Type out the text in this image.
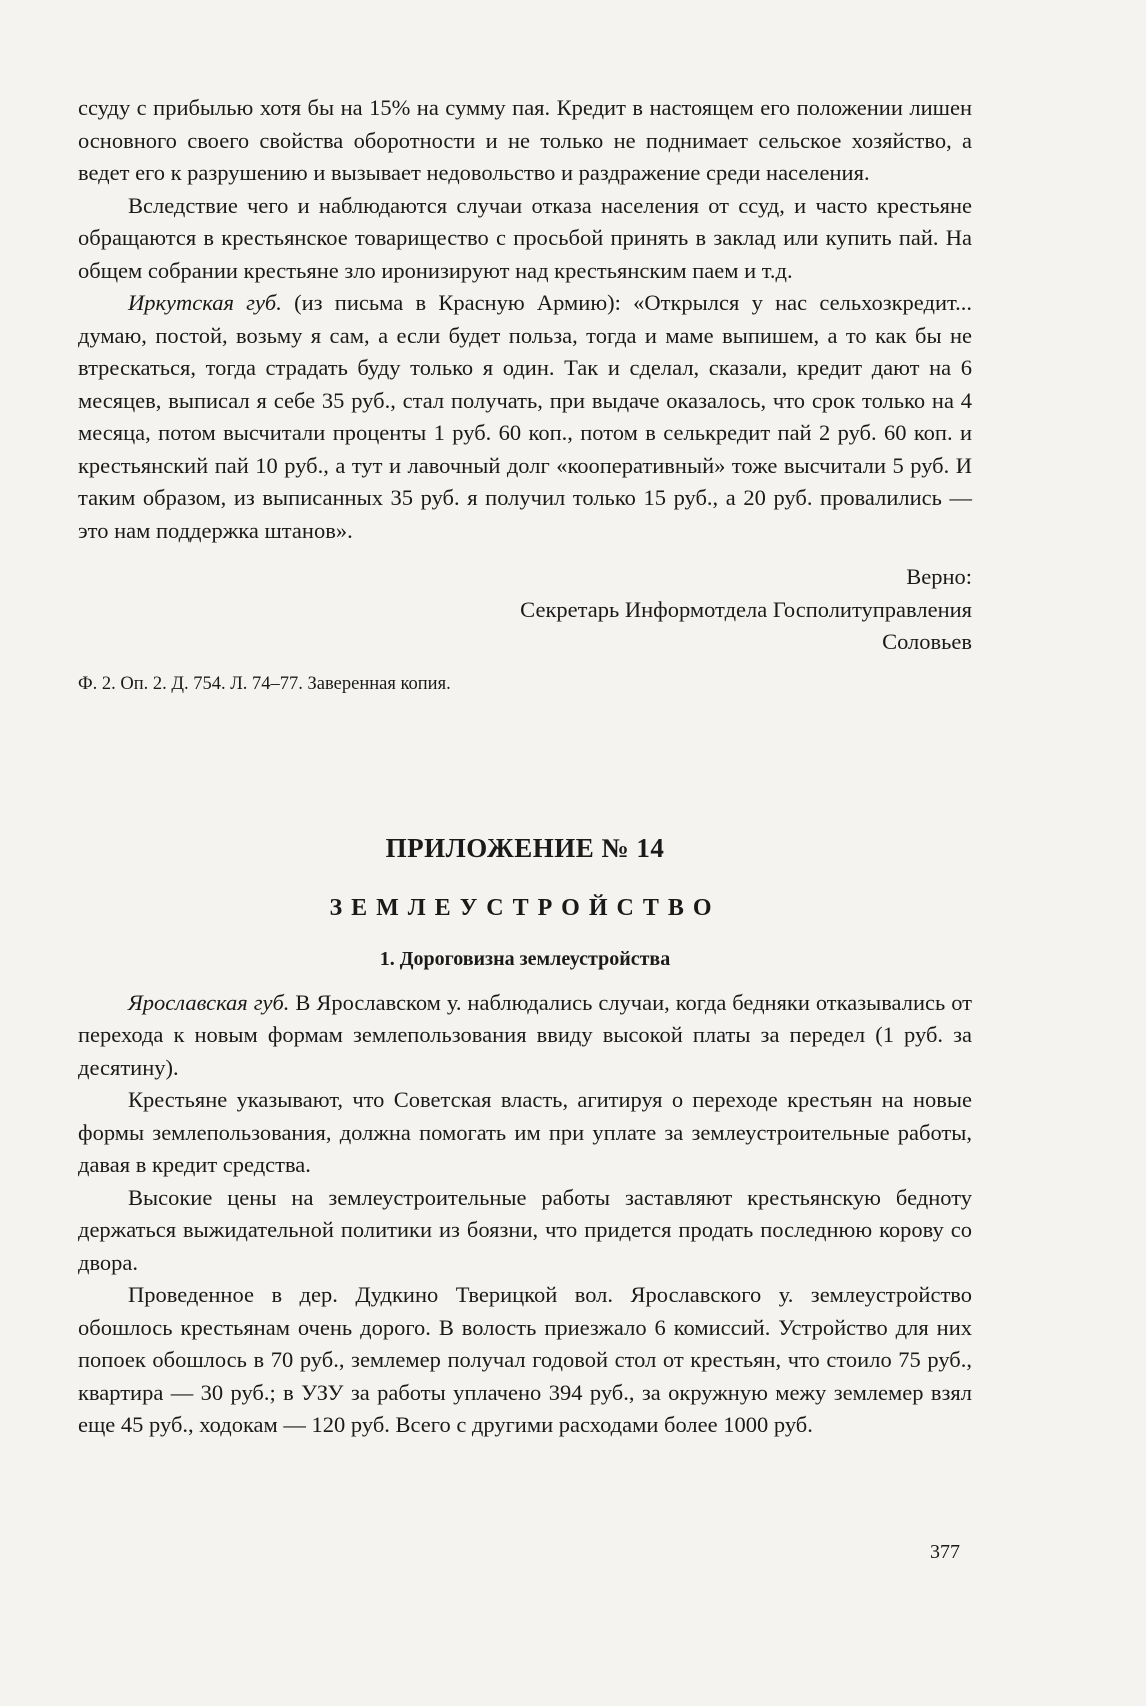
ссуду с прибылью хотя бы на 15% на сумму пая. Кредит в настоящем его положении лишен основного своего свойства оборотности и не только не поднимает сельское хозяйство, а ведет его к разрушению и вызывает недовольство и раздражение среди населения.

Вследствие чего и наблюдаются случаи отказа населения от ссуд, и часто крестьяне обращаются в крестьянское товарищество с просьбой принять в заклад или купить пай. На общем собрании крестьяне зло иронизируют над крестьянским паем и т.д.

Иркутская губ. (из письма в Красную Армию): «Открылся у нас сельхозкредит... думаю, постой, возьму я сам, а если будет польза, тогда и маме выпишем, а то как бы не втрескаться, тогда страдать буду только я один. Так и сделал, сказали, кредит дают на 6 месяцев, выписал я себе 35 руб., стал получать, при выдаче оказалось, что срок только на 4 месяца, потом высчитали проценты 1 руб. 60 коп., потом в селькредит пай 2 руб. 60 коп. и крестьянский пай 10 руб., а тут и лавочный долг «кооперативный» тоже высчитали 5 руб. И таким образом, из выписанных 35 руб. я получил только 15 руб., а 20 руб. провалились — это нам поддержка штанов».

Верно:

Секретарь Информотдела Госполитуправления

Соловьев

Ф. 2. Оп. 2. Д. 754. Л. 74–77. Заверенная копия.

ПРИЛОЖЕНИЕ № 14
ЗЕМЛЕУСТРОЙСТВО
1. Дороговизна землеустройства

Ярославская губ. В Ярославском у. наблюдались случаи, когда бедняки отказывались от перехода к новым формам землепользования ввиду высокой платы за передел (1 руб. за десятину).

Крестьяне указывают, что Советская власть, агитируя о переходе крестьян на новые формы землепользования, должна помогать им при уплате за землеустроительные работы, давая в кредит средства.

Высокие цены на землеустроительные работы заставляют крестьянскую бедноту держаться выжидательной политики из боязни, что придется продать последнюю корову со двора.

Проведенное в дер. Дудкино Тверицкой вол. Ярославского у. землеустройство обошлось крестьянам очень дорого. В волость приезжало 6 комиссий. Устройство для них попоек обошлось в 70 руб., землемер получал годовой стол от крестьян, что стоило 75 руб., квартира — 30 руб.; в УЗУ за работы уплачено 394 руб., за окружную межу землемер взял еще 45 руб., ходокам — 120 руб. Всего с другими расходами более 1000 руб.

377
